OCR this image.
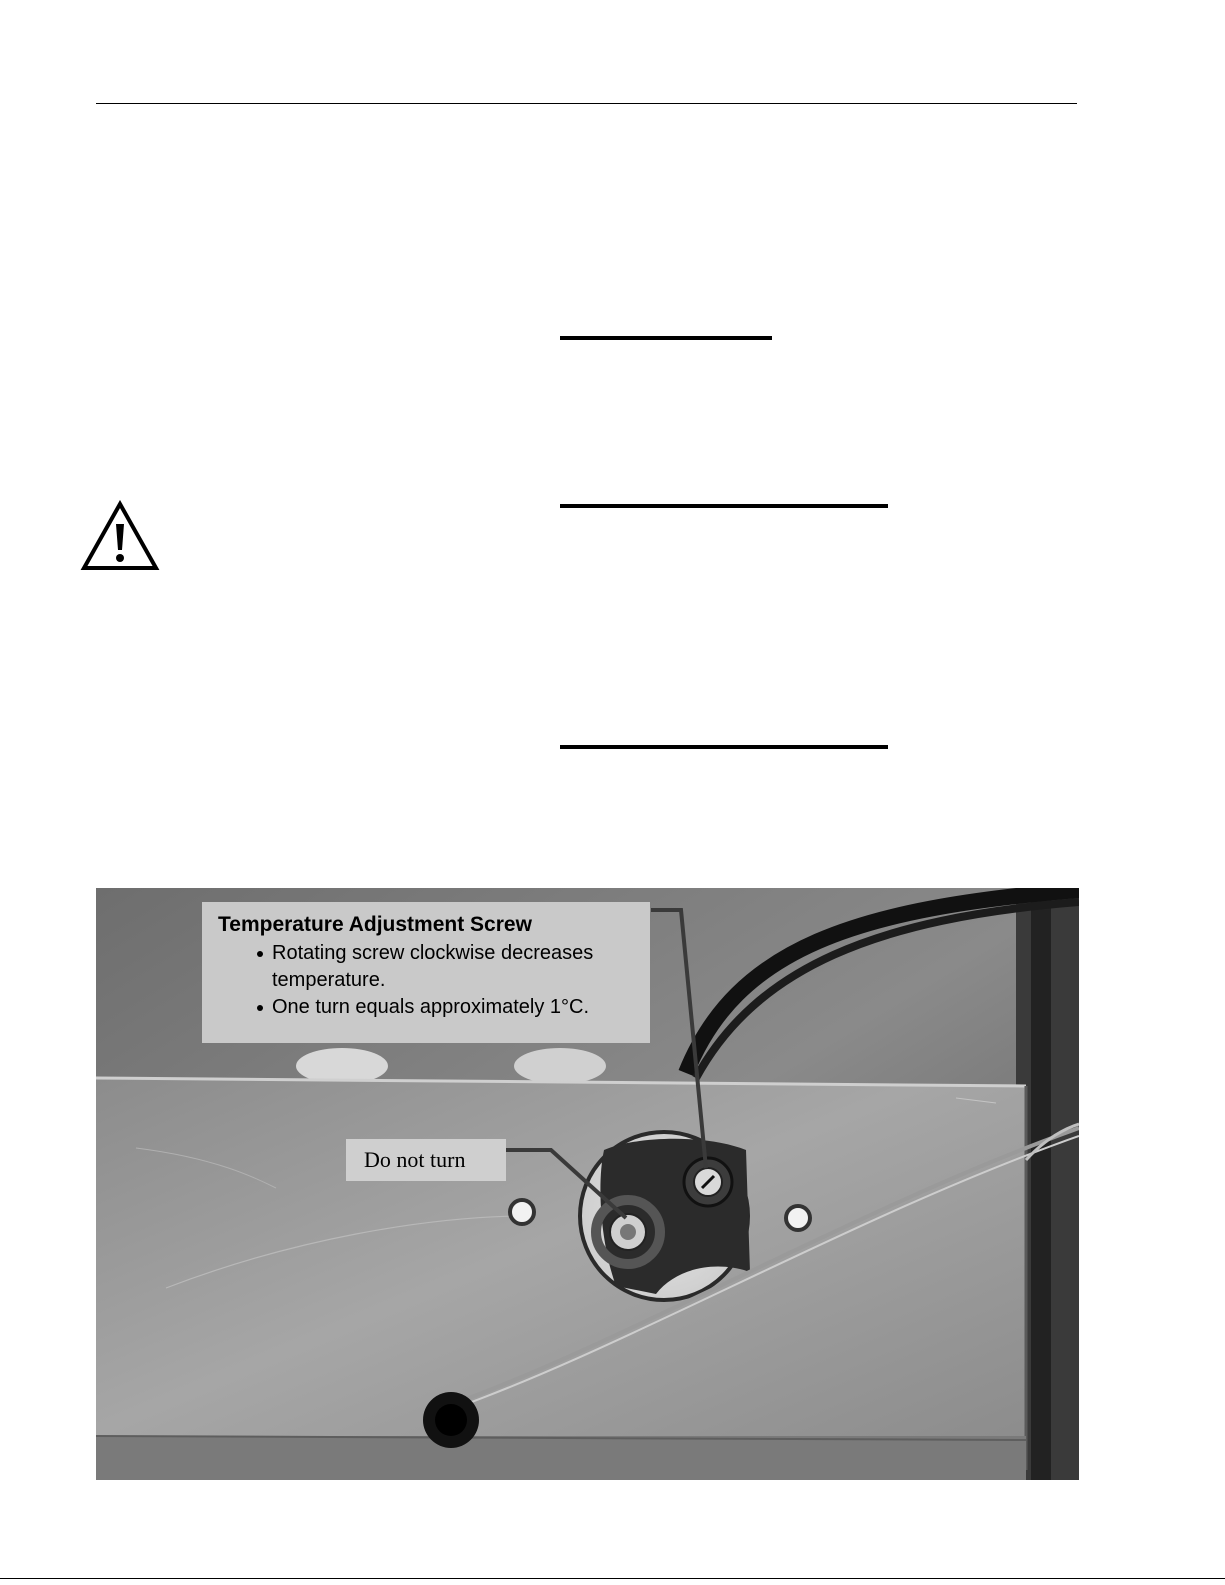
Temperature Adjustment Screw
Rotating screw clockwise decreases temperature.
One turn equals approximately 1°C.
Do not turn
